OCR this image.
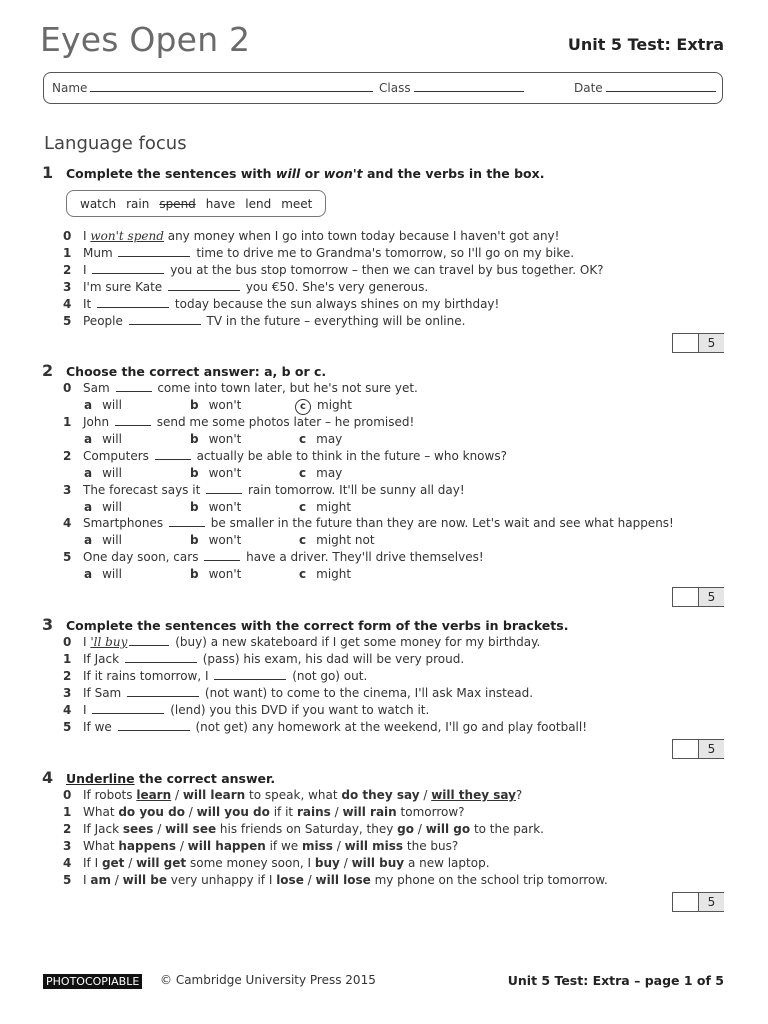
Eyes Open 2	Unit 5 Test: Extra
Name	Class	Date
Language focus
1 Complete the sentences with will or won't and the verbs in the box.
watch rain spend have lend meet
0 I won't spend any money when I go into town today because I haven't got any!
1 Mum	time to drive me to Grandma's tomorrow, so I'll go on my bike.
2 I	you at the bus stop tomorrow – then we can travel by bus together. OK?
3 I'm sure Kate	you €50. She's very generous.
4 It	today because the sun always shines on my birthday!
5 People	TV in the future – everything will be online.
5
2 Choose the correct answer: a, b or c.
0 Sam	come into town later, but he's not sure yet.
a will	b won't	c might
1 John	send me some photos later – he promised!
a will	b won't	c may
2 Computers	actually be able to think in the future – who knows?
a will	b won't	c may
3 The forecast says it	rain tomorrow. It'll be sunny all day!
a will	b won't	c might
4 Smartphones	be smaller in the future than they are now. Let's wait and see what happens!
a will	b won't	c might not
5 One day soon, cars	have a driver. They'll drive themselves!
a will	b won't	c might
5
3 Complete the sentences with the correct form of the verbs in brackets.
0 I 'll buy	(buy) a new skateboard if I get some money for my birthday.
1 If Jack	(pass) his exam, his dad will be very proud.
2 If it rains tomorrow, I	(not go) out.
3 If Sam	(not want) to come to the cinema, I'll ask Max instead.
4 I	(lend) you this DVD if you want to watch it.
5 If we	(not get) any homework at the weekend, I'll go and play football!
5
4 Underline the correct answer.
0 If robots learn / will learn to speak, what do they say / will they say?
1 What do you do / will you do if it rains / will rain tomorrow?
2 If Jack sees / will see his friends on Saturday, they go / will go to the park.
3 What happens / will happen if we miss / will miss the bus?
4 If I get / will get some money soon, I buy / will buy a new laptop.
5 I am / will be very unhappy if I lose / will lose my phone on the school trip tomorrow.
5
PHOTOCOPIABLE © Cambridge University Press 2015	Unit 5 Test: Extra – page 1 of 5
